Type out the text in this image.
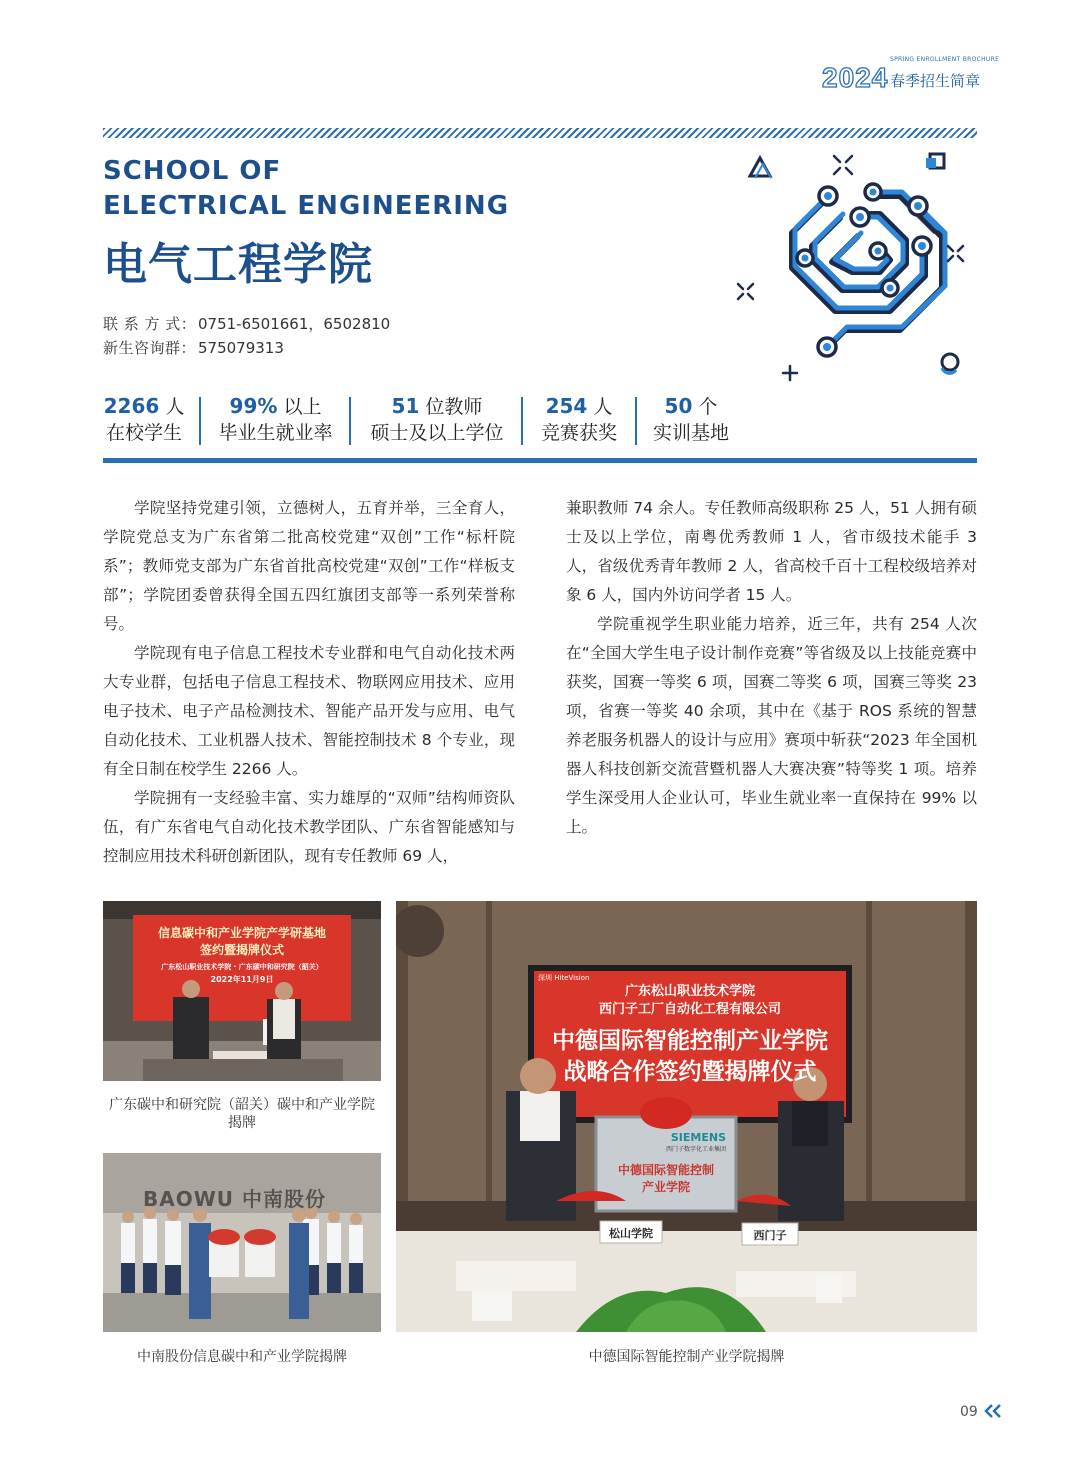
2024
SPRING ENROLLMENT BROCHURE
春季招生简章
SCHOOL OF
ELECTRICAL ENGINEERING
电气工程学院
联 系 方 式： 0751-6501661，6502810
新生咨询群： 575079313
2266 人
在校学生
99% 以上
毕业生就业率
51 位教师
硕士及以上学位
254 人
竞赛获奖
50 个
实训基地

学院坚持党建引领，立德树人，五育并举，三全育人，学院党总支为广东省第二批高校党建“双创”工作“标杆院系”；教师党支部为广东省首批高校党建“双创”工作“样板支部”；学院团委曾获得全国五四红旗团支部等一系列荣誉称号。

学院现有电子信息工程技术专业群和电气自动化技术两大专业群，包括电子信息工程技术、物联网应用技术、应用电子技术、电子产品检测技术、智能产品开发与应用、电气自动化技术、工业机器人技术、智能控制技术 8 个专业，现有全日制在校学生 2266 人。

学院拥有一支经验丰富、实力雄厚的“双师”结构师资队伍，有广东省电气自动化技术教学团队、广东省智能感知与控制应用技术科研创新团队，现有专任教师 69 人，

兼职教师 74 余人。专任教师高级职称 25 人，51 人拥有硕士及以上学位，南粤优秀教师 1 人，省市级技术能手 3 人，省级优秀青年教师 2 人，省高校千百十工程校级培养对象 6 人，国内外访问学者 15 人。

学院重视学生职业能力培养，近三年，共有 254 人次在“全国大学生电子设计制作竞赛”等省级及以上技能竞赛中获奖，国赛一等奖 6 项，国赛二等奖 6 项，国赛三等奖 23 项，省赛一等奖 40 余项，其中在《基于 ROS 系统的智慧养老服务机器人的设计与应用》赛项中斩获“2023 年全国机器人科技创新交流营暨机器人大赛决赛”特等奖 1 项。培养学生深受用人企业认可，毕业生就业率一直保持在 99% 以上。

信息碳中和产业学院产学研基地
签约暨揭牌仪式
广东松山职业技术学院 · 广东碳中和研究院（韶关）
2022年11月9日
广东碳中和研究院（韶关）碳中和产业学院揭牌
BAOWU 中南股份
中南股份信息碳中和产业学院揭牌
深圳 HiteVision
广东松山职业技术学院
西门子工厂自动化工程有限公司
中德国际智能控制产业学院
战略合作签约暨揭牌仪式
SIEMENS
西门子数字化工业集团
中德国际智能控制
产业学院
松山学院	西门子
中德国际智能控制产业学院揭牌
09
